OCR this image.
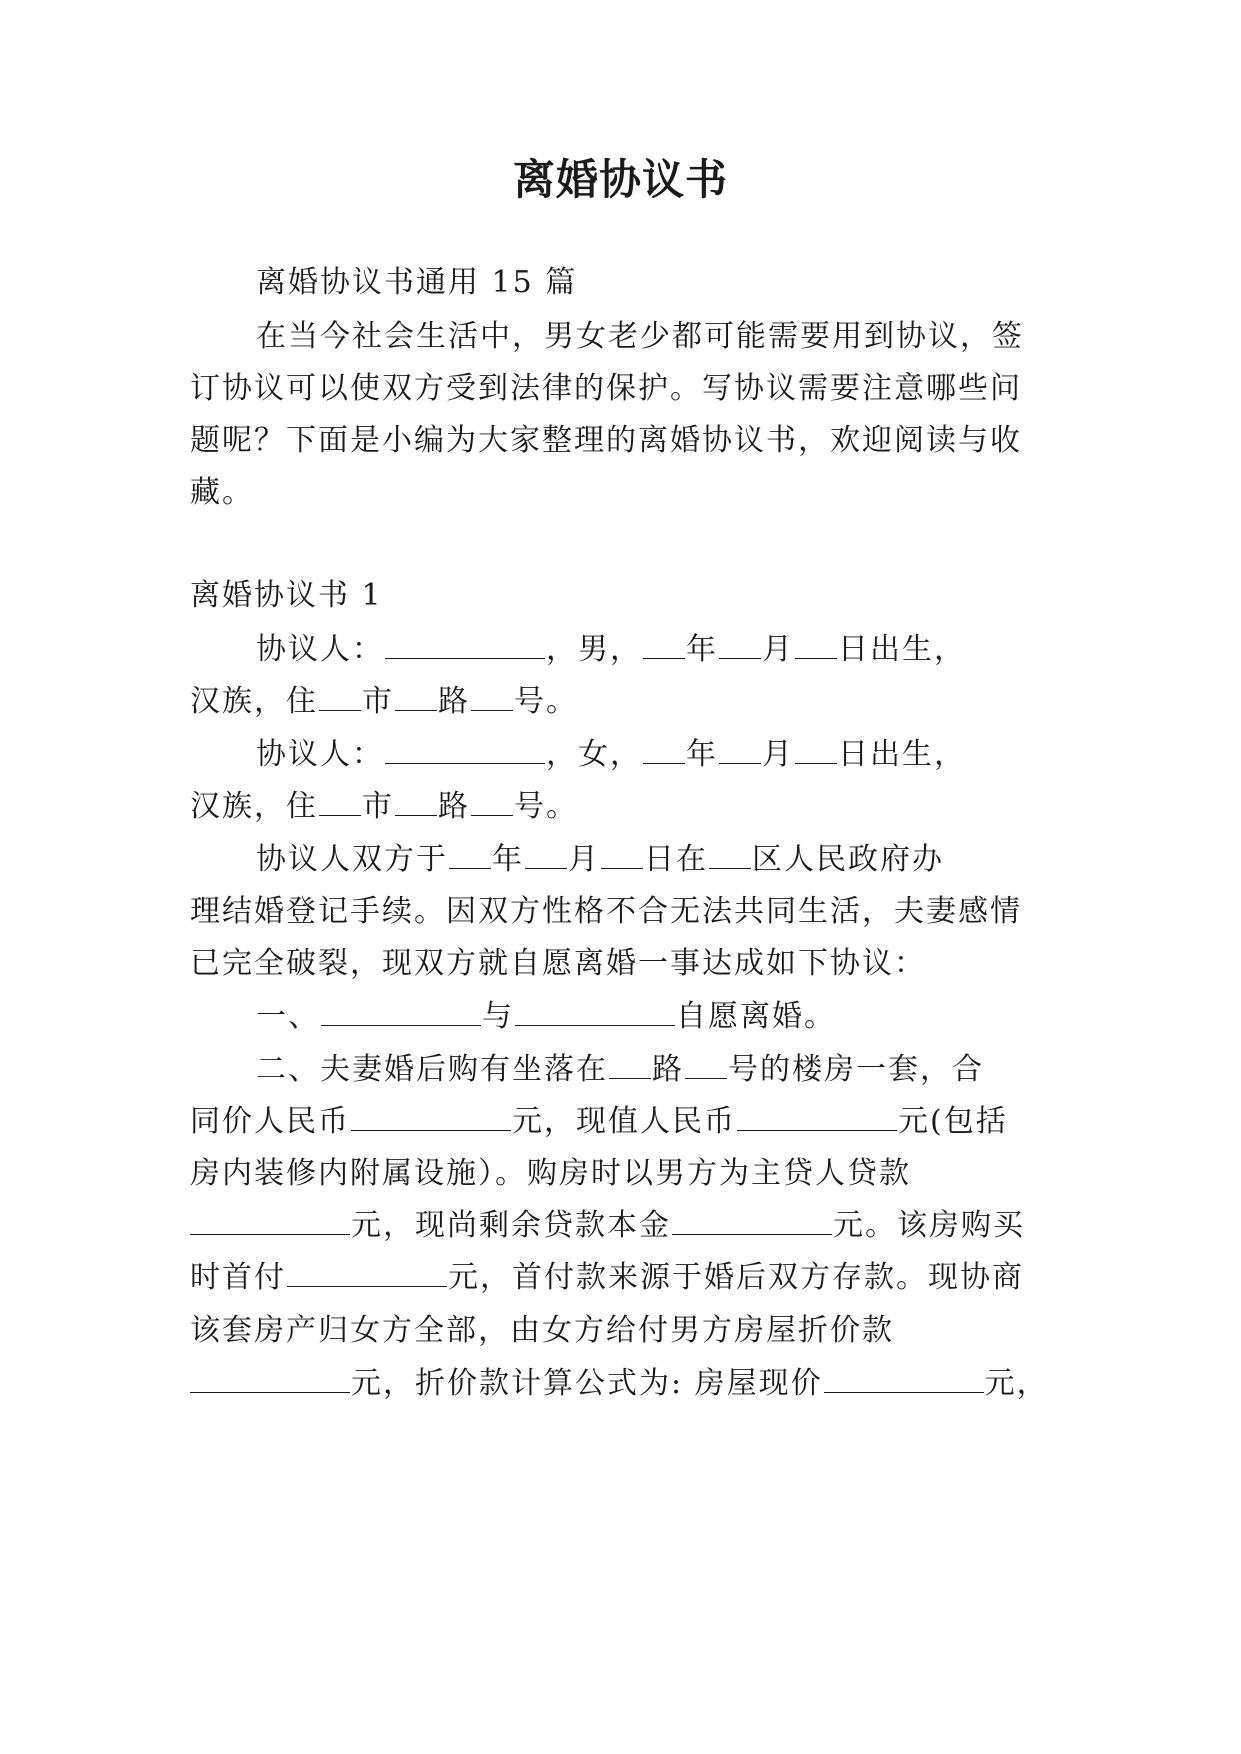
离婚协议书
离婚协议书通用 15 篇
在当今社会生活中，男女老少都可能需要用到协议，签
订协议可以使双方受到法律的保护。写协议需要注意哪些问
题呢？下面是小编为大家整理的离婚协议书，欢迎阅读与收
藏。
离婚协议书 1
协议人：	，男， 年 月 日出生，
汉族，住 市 路 号。
协议人：	，女， 年 月 日出生，
汉族，住 市 路 号。
协议人双方于 年 月 日在 区人民政府办
理结婚登记手续。因双方性格不合无法共同生活，夫妻感情
已完全破裂，现双方就自愿离婚一事达成如下协议：
一、	与	自愿离婚。
二、夫妻婚后购有坐落在 路 号的楼房一套，合
同价人民币	元，现值人民币	元(包括
房内装修内附属设施）。购房时以男方为主贷人贷款
元，现尚剩余贷款本金	元。该房购买
时首付	元，首付款来源于婚后双方存款。现协商
该套房产归女方全部，由女方给付男方房屋折价款
元，折价款计算公式为: 房屋现价	元，
